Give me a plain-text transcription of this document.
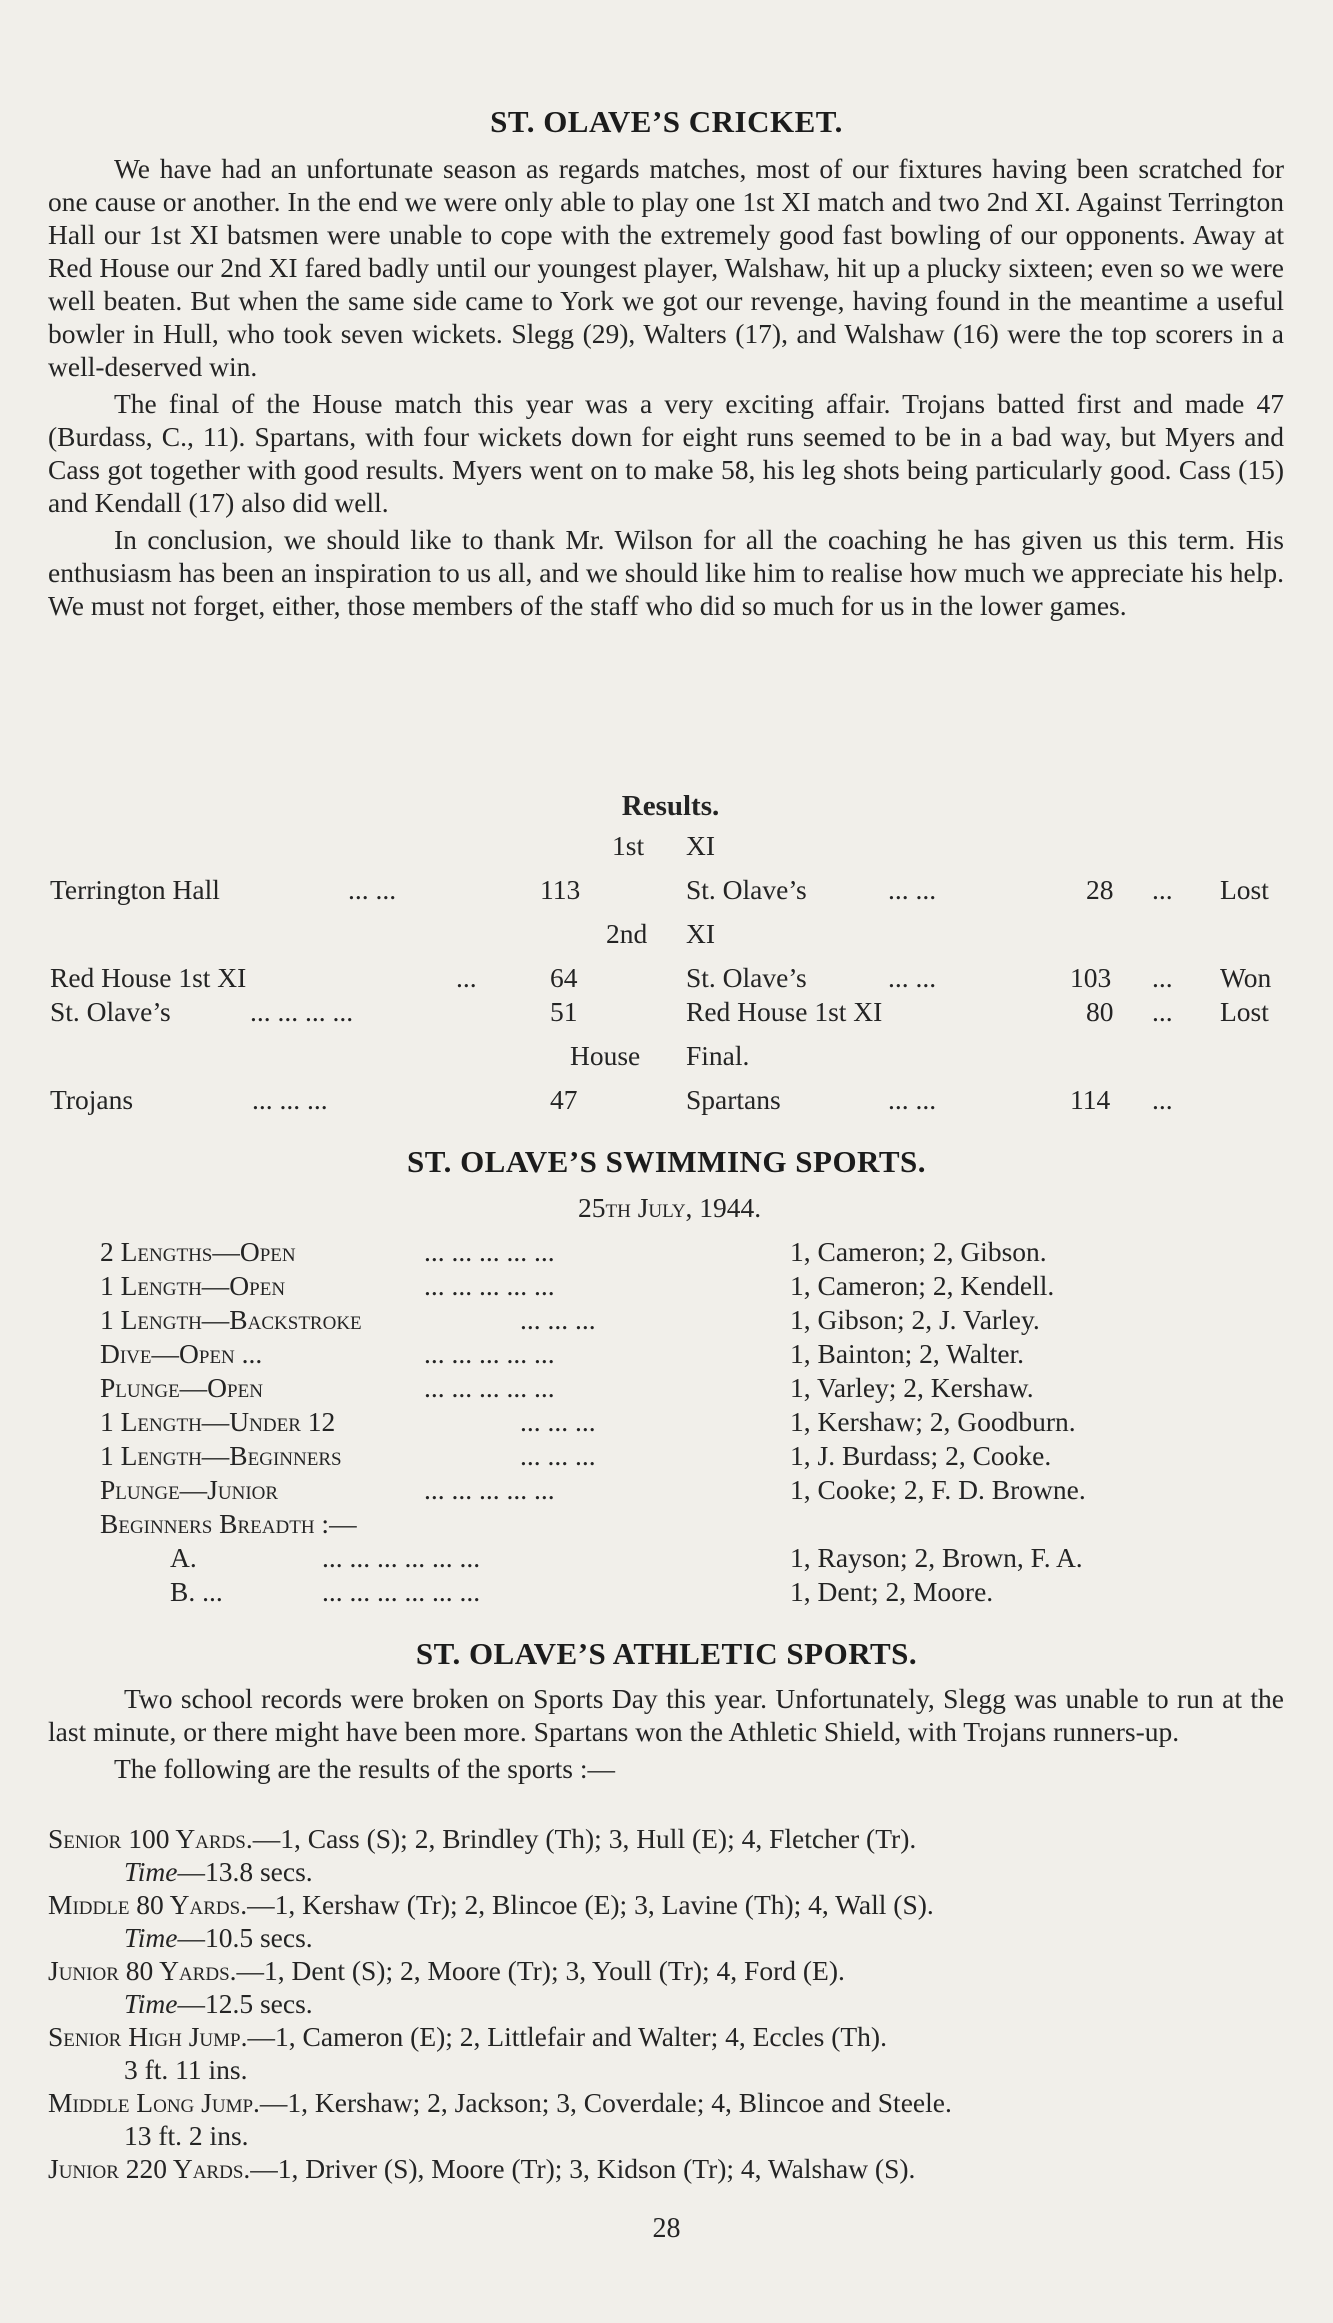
ST. OLAVE’S CRICKET.

We have had an unfortunate season as regards matches, most of our fixtures having been scratched for one cause or another. In the end we were only able to play one 1st XI match and two 2nd XI. Against Terrington Hall our 1st XI batsmen were unable to cope with the extremely good fast bowling of our opponents. Away at Red House our 2nd XI fared badly until our youngest player, Walshaw, hit up a plucky sixteen; even so we were well beaten. But when the same side came to York we got our revenge, having found in the meantime a useful bowler in Hull, who took seven wickets. Slegg (29), Walters (17), and Walshaw (16) were the top scorers in a well-deserved win.

The final of the House match this year was a very exciting affair. Trojans batted first and made 47 (Burdass, C., 11). Spartans, with four wickets down for eight runs seemed to be in a bad way, but Myers and Cass got together with good results. Myers went on to make 58, his leg shots being particularly good. Cass (15) and Kendall (17) also did well.

In conclusion, we should like to thank Mr. Wilson for all the coaching he has given us this term. His enthusiasm has been an inspiration to us all, and we should like him to realise how much we appreciate his help. We must not forget, either, those members of the staff who did so much for us in the lower games.

Results.
1st XI
Terrington Hall	... ...	113	St. Olave’s	... ...	28 ... Lost
2nd XI
Red House 1st XI	...	64	St. Olave’s	... ...	103 ... Won
St. Olave’s	... ... ... ...	51	Red House 1st XI	80 ... Lost
House Final.
Trojans	... ... ...	47	Spartans	... ...	114 ...
ST. OLAVE’S SWIMMING SPORTS.
25th July, 1944.
2 Lengths—Open	... ... ... ... ...	1, Cameron; 2, Gibson.
1 Length—Open	... ... ... ... ...	1, Cameron; 2, Kendell.
1 Length—Backstroke	... ... ...	1, Gibson; 2, J. Varley.
Dive—Open ...	... ... ... ... ...	1, Bainton; 2, Walter.
Plunge—Open	... ... ... ... ...	1, Varley; 2, Kershaw.
1 Length—Under 12	... ... ...	1, Kershaw; 2, Goodburn.
1 Length—Beginners	... ... ...	1, J. Burdass; 2, Cooke.
Plunge—Junior	... ... ... ... ...	1, Cooke; 2, F. D. Browne.
Beginners Breadth :—
A.	... ... ... ... ... ...	1, Rayson; 2, Brown, F. A.
B. ...	... ... ... ... ... ...	1, Dent; 2, Moore.
ST. OLAVE’S ATHLETIC SPORTS.

Two school records were broken on Sports Day this year. Unfortunately, Slegg was unable to run at the last minute, or there might have been more. Spartans won the Athletic Shield, with Trojans runners-up.

The following are the results of the sports :—

Senior 100 Yards.—1, Cass (S); 2, Brindley (Th); 3, Hull (E); 4, Fletcher (Tr).
Time—13.8 secs.
Middle 80 Yards.—1, Kershaw (Tr); 2, Blincoe (E); 3, Lavine (Th); 4, Wall (S).
Time—10.5 secs.
Junior 80 Yards.—1, Dent (S); 2, Moore (Tr); 3, Youll (Tr); 4, Ford (E).
Time—12.5 secs.
Senior High Jump.—1, Cameron (E); 2, Littlefair and Walter; 4, Eccles (Th).
3 ft. 11 ins.
Middle Long Jump.—1, Kershaw; 2, Jackson; 3, Coverdale; 4, Blincoe and Steele.
13 ft. 2 ins.
Junior 220 Yards.—1, Driver (S), Moore (Tr); 3, Kidson (Tr); 4, Walshaw (S).
28
